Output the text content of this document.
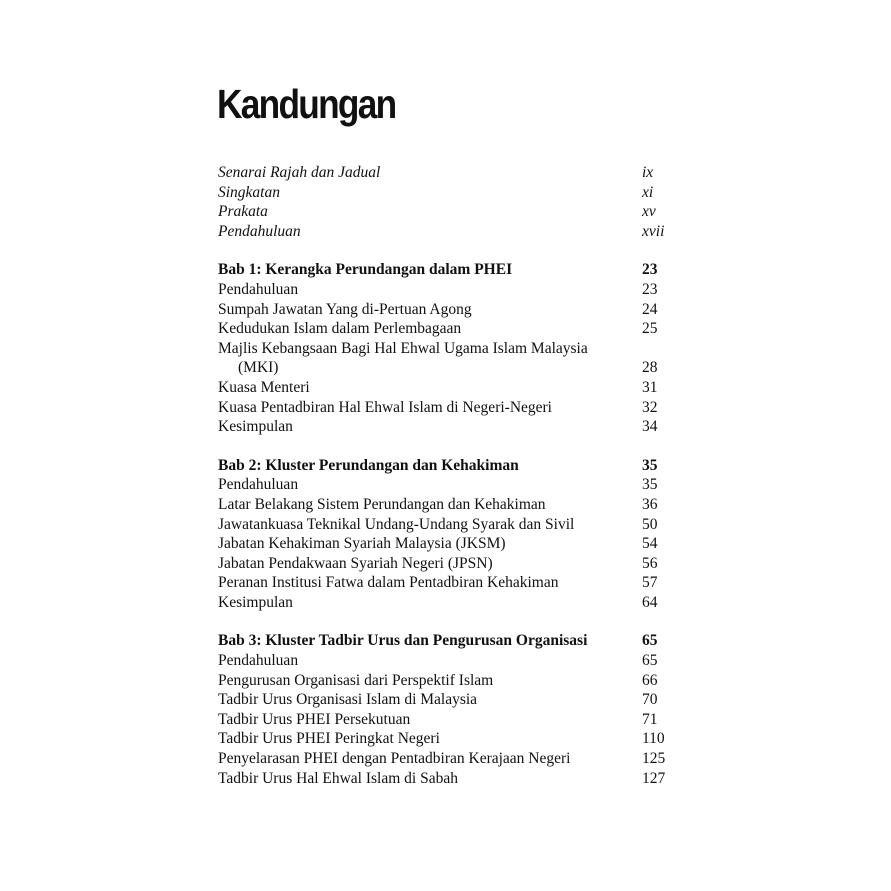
Kandungan
Senarai Rajah dan Jadual	ix
Singkatan	xi
Prakata	xv
Pendahuluan	xvii
Bab 1: Kerangka Perundangan dalam PHEI	23
Pendahuluan	23
Sumpah Jawatan Yang di-Pertuan Agong	24
Kedudukan Islam dalam Perlembagaan	25
Majlis Kebangsaan Bagi Hal Ehwal Ugama Islam Malaysia
(MKI)	28
Kuasa Menteri	31
Kuasa Pentadbiran Hal Ehwal Islam di Negeri-Negeri	32
Kesimpulan	34
Bab 2: Kluster Perundangan dan Kehakiman	35
Pendahuluan	35
Latar Belakang Sistem Perundangan dan Kehakiman	36
Jawatankuasa Teknikal Undang-Undang Syarak dan Sivil	50
Jabatan Kehakiman Syariah Malaysia (JKSM)	54
Jabatan Pendakwaan Syariah Negeri (JPSN)	56
Peranan Institusi Fatwa dalam Pentadbiran Kehakiman	57
Kesimpulan	64
Bab 3: Kluster Tadbir Urus dan Pengurusan Organisasi	65
Pendahuluan	65
Pengurusan Organisasi dari Perspektif Islam	66
Tadbir Urus Organisasi Islam di Malaysia	70
Tadbir Urus PHEI Persekutuan	71
Tadbir Urus PHEI Peringkat Negeri	110
Penyelarasan PHEI dengan Pentadbiran Kerajaan Negeri	125
Tadbir Urus Hal Ehwal Islam di Sabah	127
